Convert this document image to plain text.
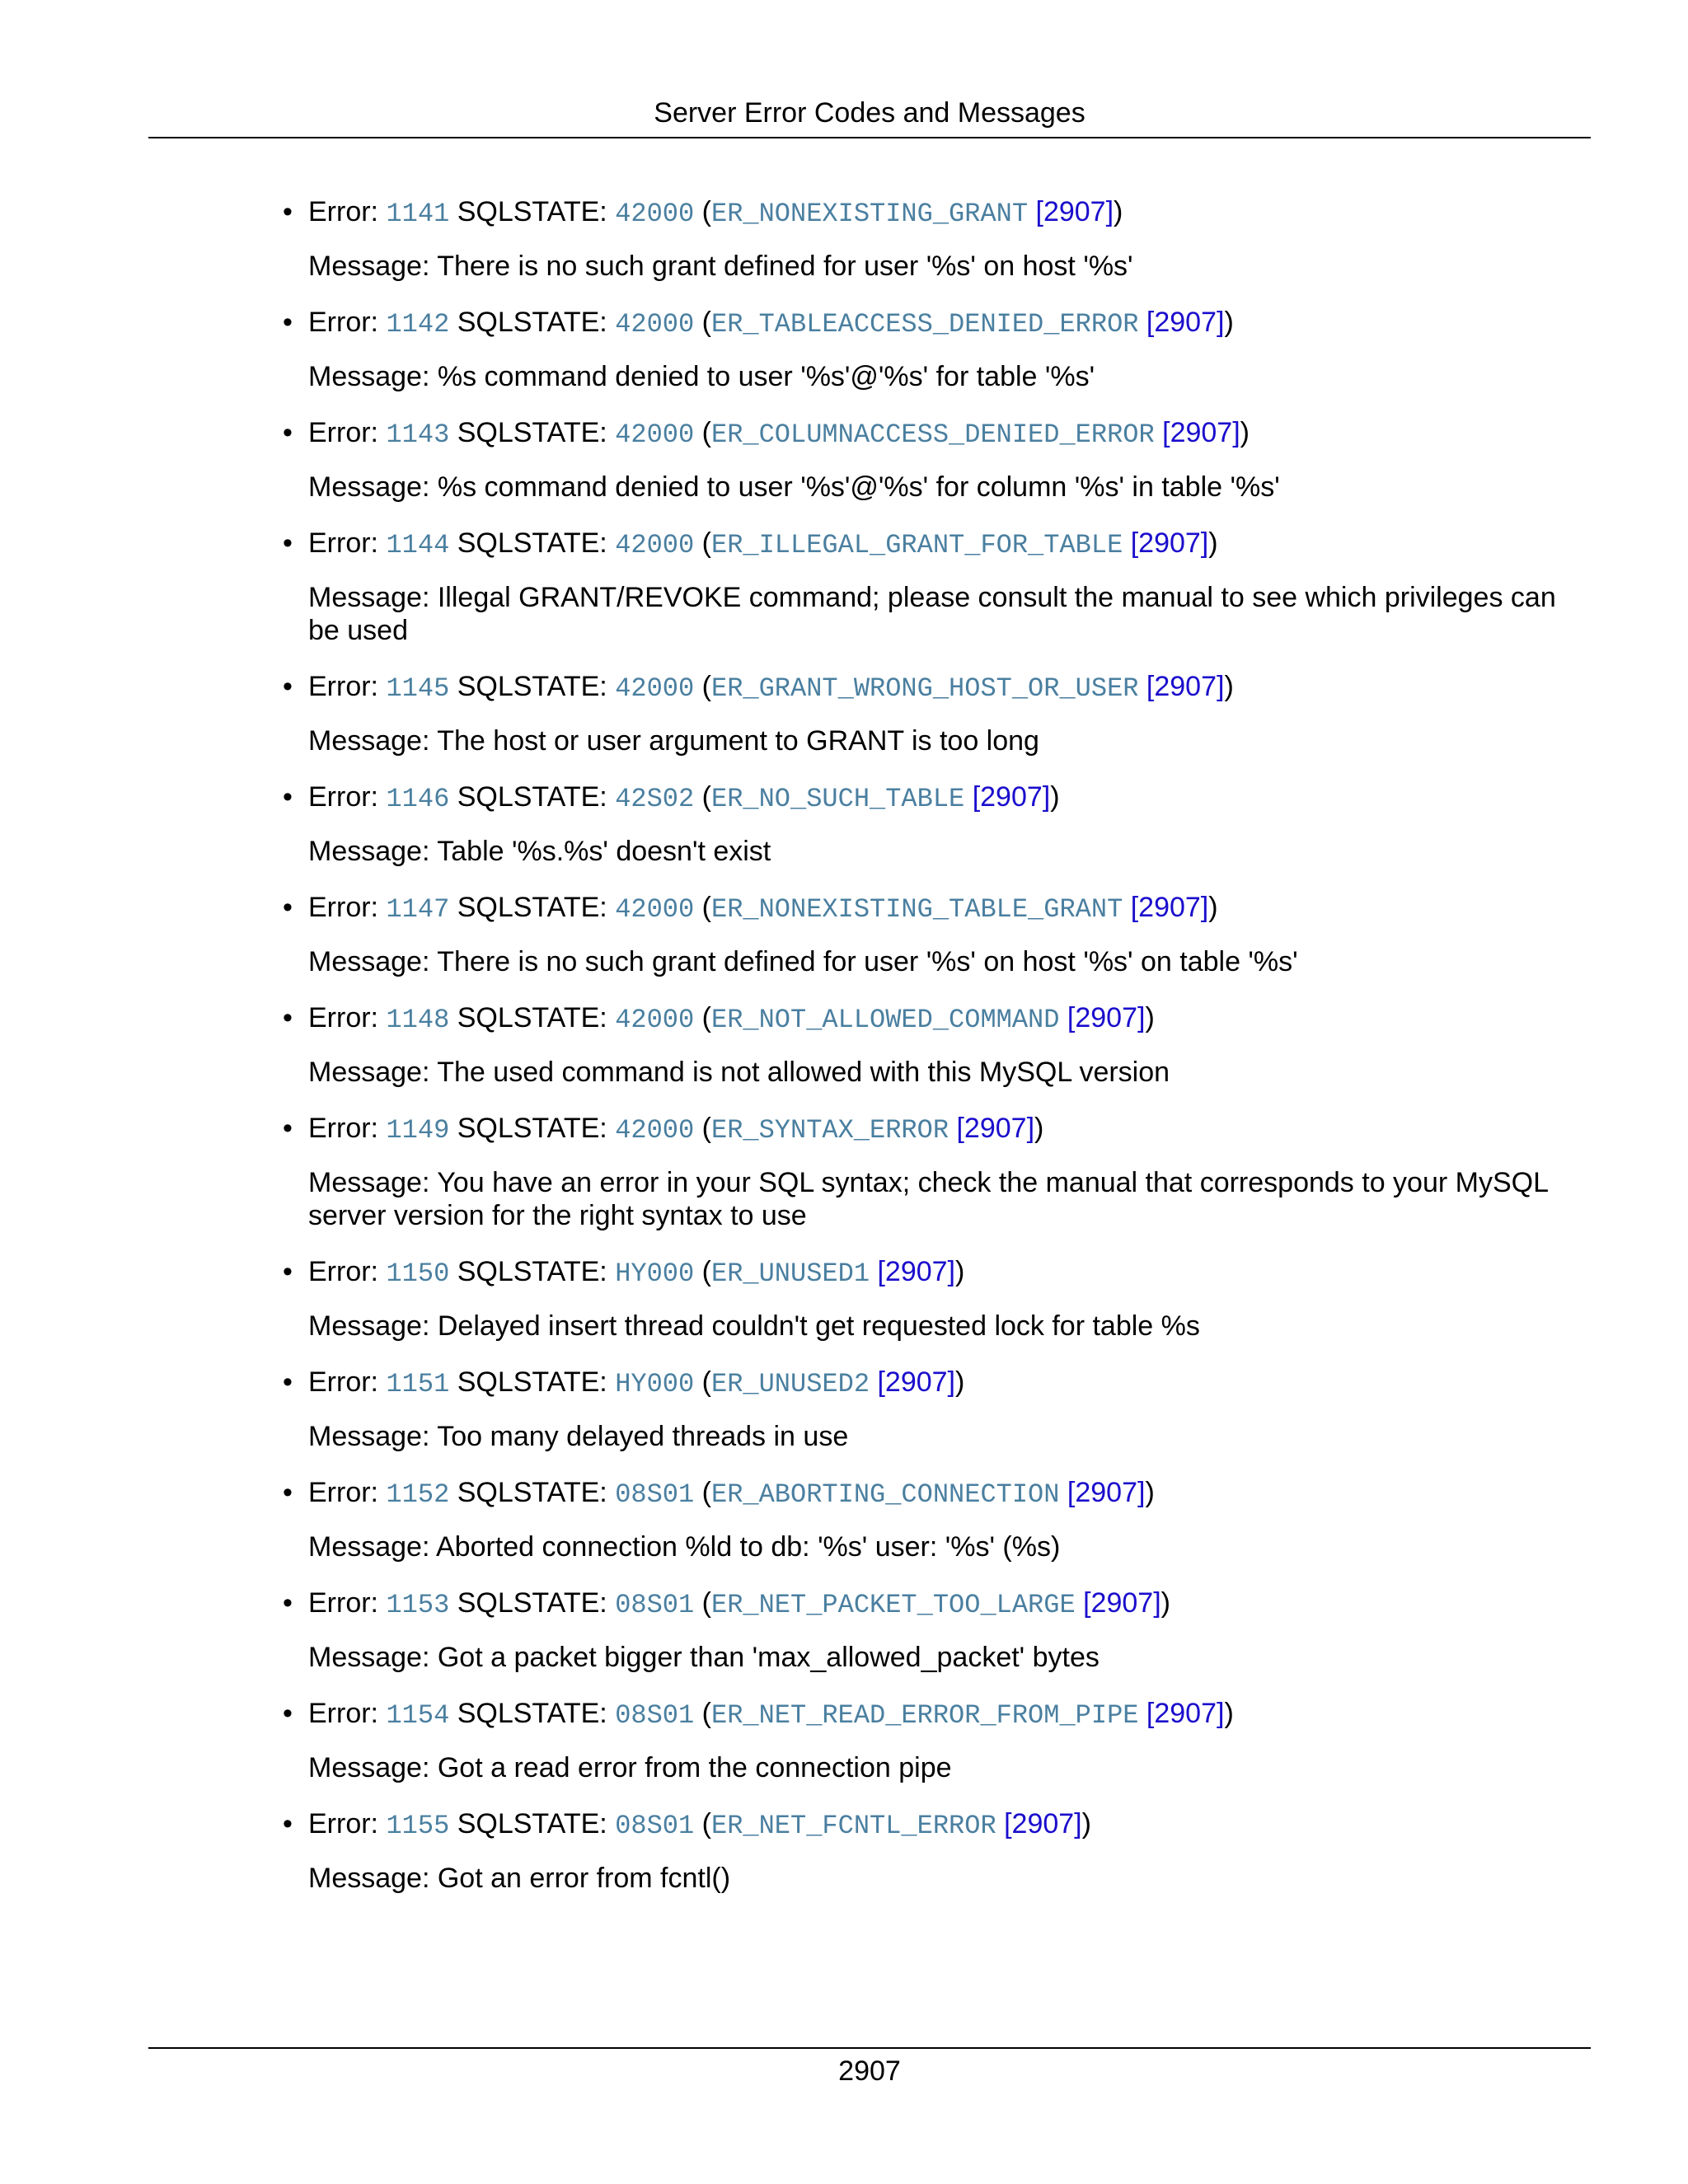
Server Error Codes and Messages
• Error: 1141 SQLSTATE: 42000 (ER_NONEXISTING_GRANT [2907])
Message: There is no such grant defined for user '%s' on host '%s'
• Error: 1142 SQLSTATE: 42000 (ER_TABLEACCESS_DENIED_ERROR [2907])
Message: %s command denied to user '%s'@'%s' for table '%s'
• Error: 1143 SQLSTATE: 42000 (ER_COLUMNACCESS_DENIED_ERROR [2907])
Message: %s command denied to user '%s'@'%s' for column '%s' in table '%s'
• Error: 1144 SQLSTATE: 42000 (ER_ILLEGAL_GRANT_FOR_TABLE [2907])
Message: Illegal GRANT/REVOKE command; please consult the manual to see which privileges can be used
• Error: 1145 SQLSTATE: 42000 (ER_GRANT_WRONG_HOST_OR_USER [2907])
Message: The host or user argument to GRANT is too long
• Error: 1146 SQLSTATE: 42S02 (ER_NO_SUCH_TABLE [2907])
Message: Table '%s.%s' doesn't exist
• Error: 1147 SQLSTATE: 42000 (ER_NONEXISTING_TABLE_GRANT [2907])
Message: There is no such grant defined for user '%s' on host '%s' on table '%s'
• Error: 1148 SQLSTATE: 42000 (ER_NOT_ALLOWED_COMMAND [2907])
Message: The used command is not allowed with this MySQL version
• Error: 1149 SQLSTATE: 42000 (ER_SYNTAX_ERROR [2907])
Message: You have an error in your SQL syntax; check the manual that corresponds to your MySQL server version for the right syntax to use
• Error: 1150 SQLSTATE: HY000 (ER_UNUSED1 [2907])
Message: Delayed insert thread couldn't get requested lock for table %s
• Error: 1151 SQLSTATE: HY000 (ER_UNUSED2 [2907])
Message: Too many delayed threads in use
• Error: 1152 SQLSTATE: 08S01 (ER_ABORTING_CONNECTION [2907])
Message: Aborted connection %ld to db: '%s' user: '%s' (%s)
• Error: 1153 SQLSTATE: 08S01 (ER_NET_PACKET_TOO_LARGE [2907])
Message: Got a packet bigger than 'max_allowed_packet' bytes
• Error: 1154 SQLSTATE: 08S01 (ER_NET_READ_ERROR_FROM_PIPE [2907])
Message: Got a read error from the connection pipe
• Error: 1155 SQLSTATE: 08S01 (ER_NET_FCNTL_ERROR [2907])
Message: Got an error from fcntl()
2907
